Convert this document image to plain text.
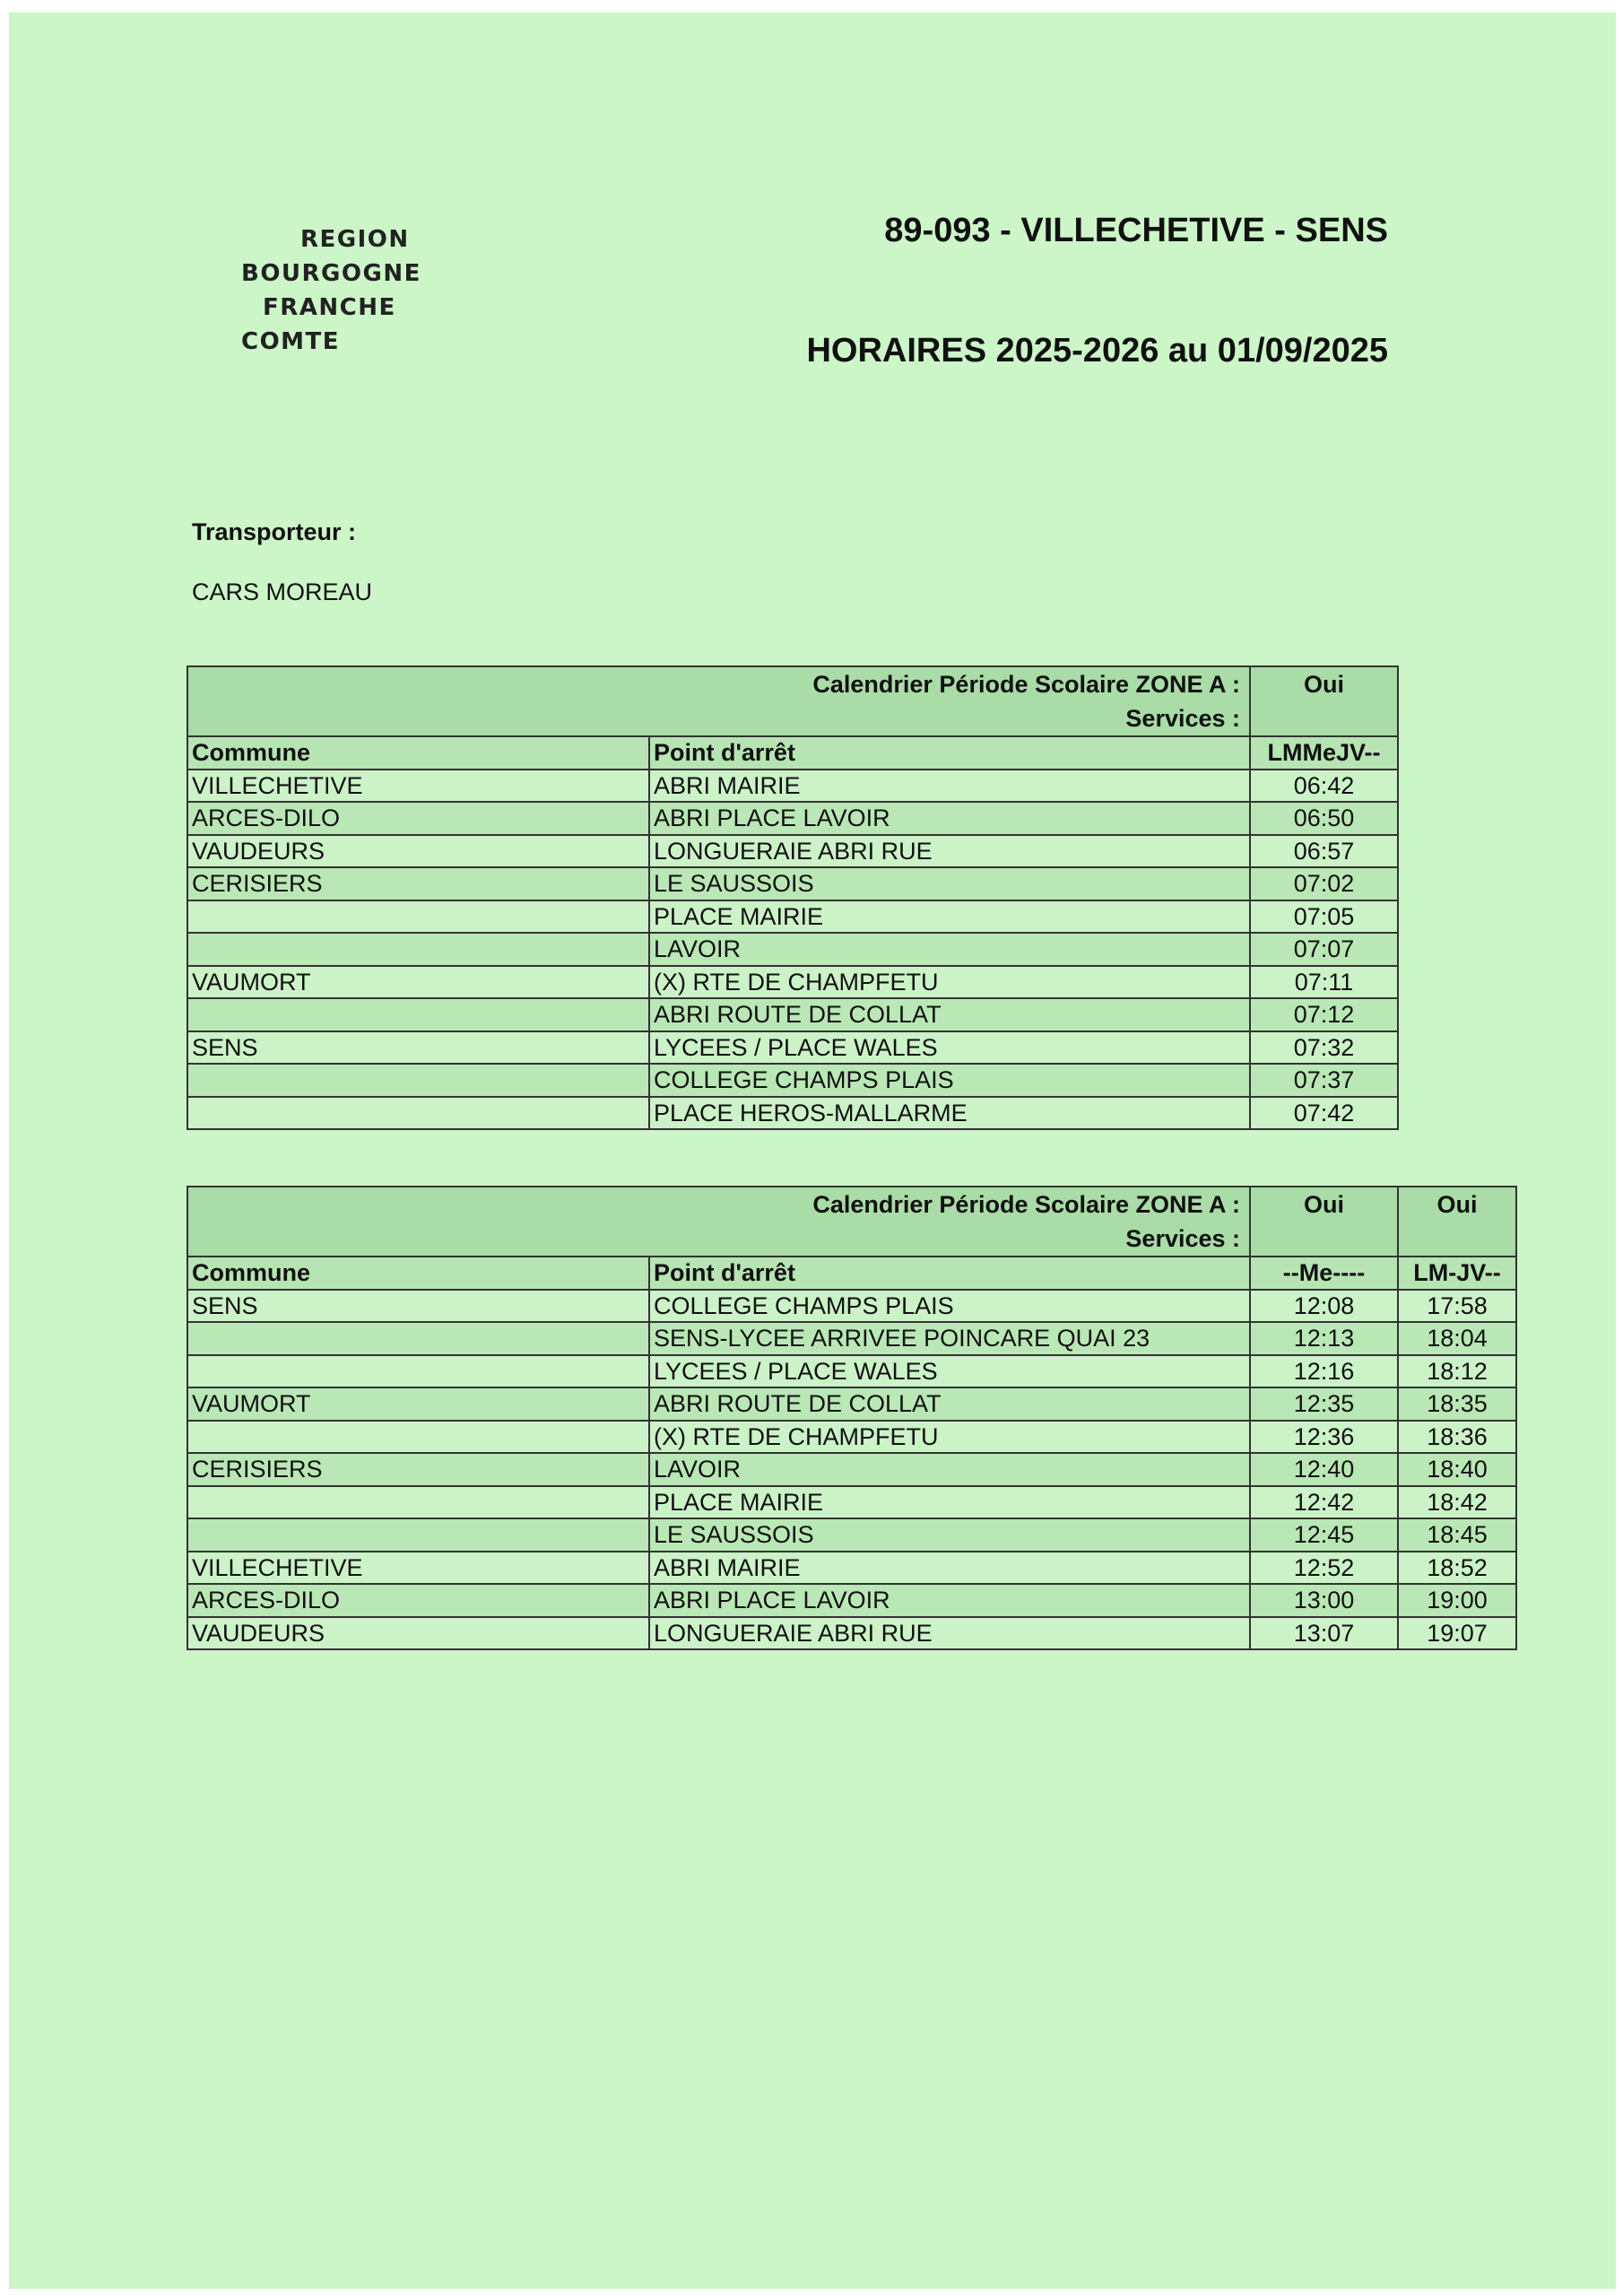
REGION
BOURGOGNE
FRANCHE
COMTE
89-093 - VILLECHETIVE - SENS
HORAIRES 2025-2026 au 01/09/2025
Transporteur :
CARS MOREAU
Calendrier Période Scolaire ZONE A :
Services :		Oui
Commune	Point d'arrêt	LMMeJV--
VILLECHETIVE	ABRI MAIRIE	06:42
ARCES-DILO	ABRI PLACE LAVOIR	06:50
VAUDEURS	LONGUERAIE ABRI RUE	06:57
CERISIERS	LE SAUSSOIS	07:02
	PLACE MAIRIE	07:05
	LAVOIR	07:07
VAUMORT	(X) RTE DE CHAMPFETU	07:11
	ABRI ROUTE DE COLLAT	07:12
SENS	LYCEES / PLACE WALES	07:32
	COLLEGE CHAMPS PLAIS	07:37
	PLACE HEROS-MALLARME	07:42
Calendrier Période Scolaire ZONE A :
Services :		Oui	Oui
Commune	Point d'arrêt	--Me----	LM-JV--
SENS	COLLEGE CHAMPS PLAIS	12:08	17:58
	SENS-LYCEE ARRIVEE POINCARE QUAI 23	12:13	18:04
	LYCEES / PLACE WALES	12:16	18:12
VAUMORT	ABRI ROUTE DE COLLAT	12:35	18:35
	(X) RTE DE CHAMPFETU	12:36	18:36
CERISIERS	LAVOIR	12:40	18:40
	PLACE MAIRIE	12:42	18:42
	LE SAUSSOIS	12:45	18:45
VILLECHETIVE	ABRI MAIRIE	12:52	18:52
ARCES-DILO	ABRI PLACE LAVOIR	13:00	19:00
VAUDEURS	LONGUERAIE ABRI RUE	13:07	19:07
